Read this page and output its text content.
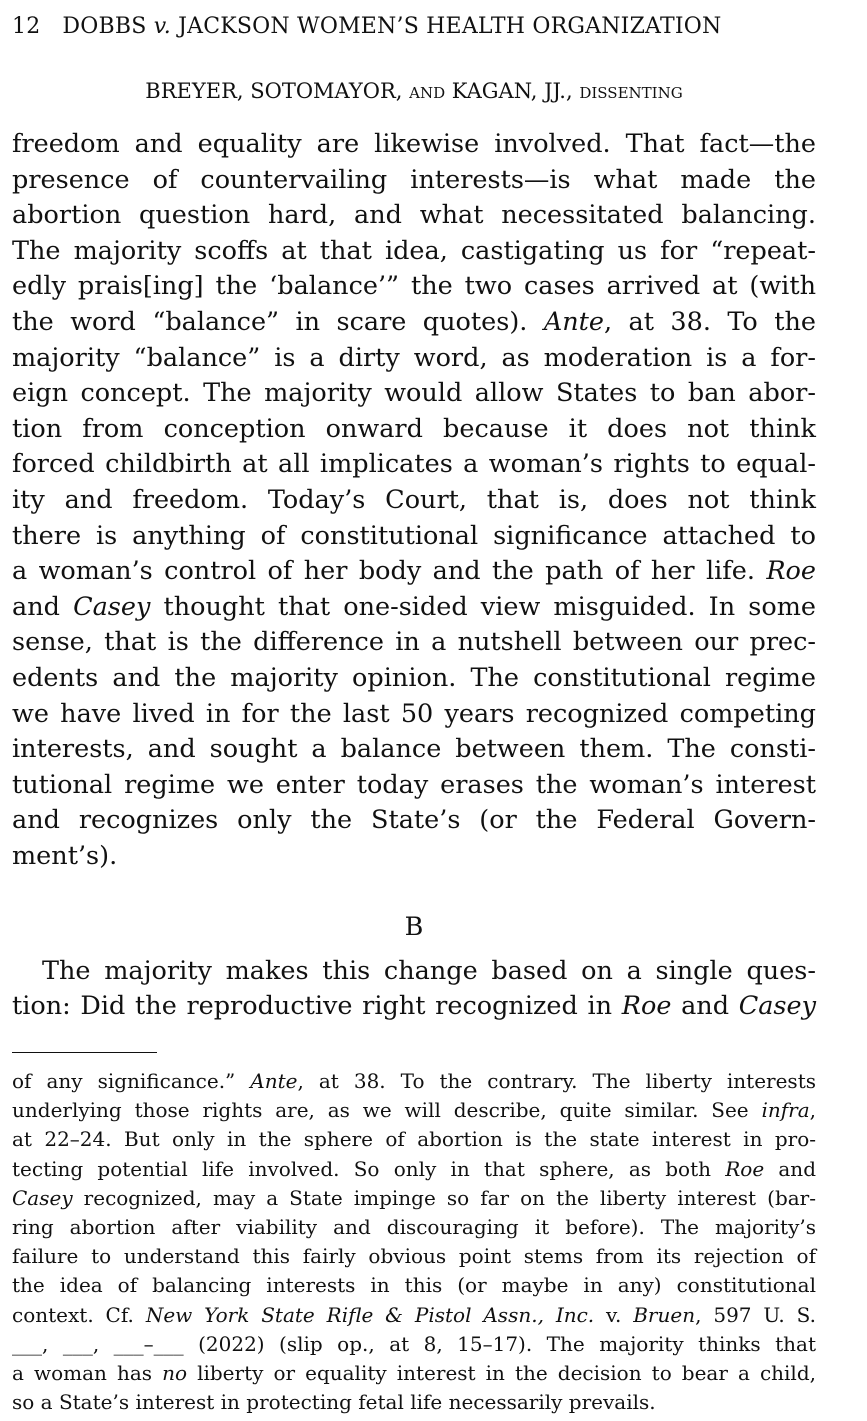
12 DOBBS v. JACKSON WOMEN’S HEALTH ORGANIZATION
BREYER, SOTOMAYOR, and KAGAN, JJ., dissenting
freedom and equality are likewise involved. That fact—the
presence of countervailing interests—is what made the
abortion question hard, and what necessitated balancing.
The majority scoffs at that idea, castigating us for “repeat-
edly prais[ing] the ‘balance’” the two cases arrived at (with
the word “balance” in scare quotes). Ante, at 38. To the
majority “balance” is a dirty word, as moderation is a for-
eign concept. The majority would allow States to ban abor-
tion from conception onward because it does not think
forced childbirth at all implicates a woman’s rights to equal-
ity and freedom. Today’s Court, that is, does not think
there is anything of constitutional significance attached to
a woman’s control of her body and the path of her life. Roe
and Casey thought that one-sided view misguided. In some
sense, that is the difference in a nutshell between our prec-
edents and the majority opinion. The constitutional regime
we have lived in for the last 50 years recognized competing
interests, and sought a balance between them. The consti-
tutional regime we enter today erases the woman’s interest
and recognizes only the State’s (or the Federal Govern-
ment’s).
B
The majority makes this change based on a single ques-
tion: Did the reproductive right recognized in Roe and Casey
of any significance.” Ante, at 38. To the contrary. The liberty interests
underlying those rights are, as we will describe, quite similar. See infra,
at 22–24. But only in the sphere of abortion is the state interest in pro-
tecting potential life involved. So only in that sphere, as both Roe and
Casey recognized, may a State impinge so far on the liberty interest (bar-
ring abortion after viability and discouraging it before). The majority’s
failure to understand this fairly obvious point stems from its rejection of
the idea of balancing interests in this (or maybe in any) constitutional
context. Cf. New York State Rifle & Pistol Assn., Inc. v. Bruen, 597 U. S.
___, ___, ___–___ (2022) (slip op., at 8, 15–17). The majority thinks that
a woman has no liberty or equality interest in the decision to bear a child,
so a State’s interest in protecting fetal life necessarily prevails.
